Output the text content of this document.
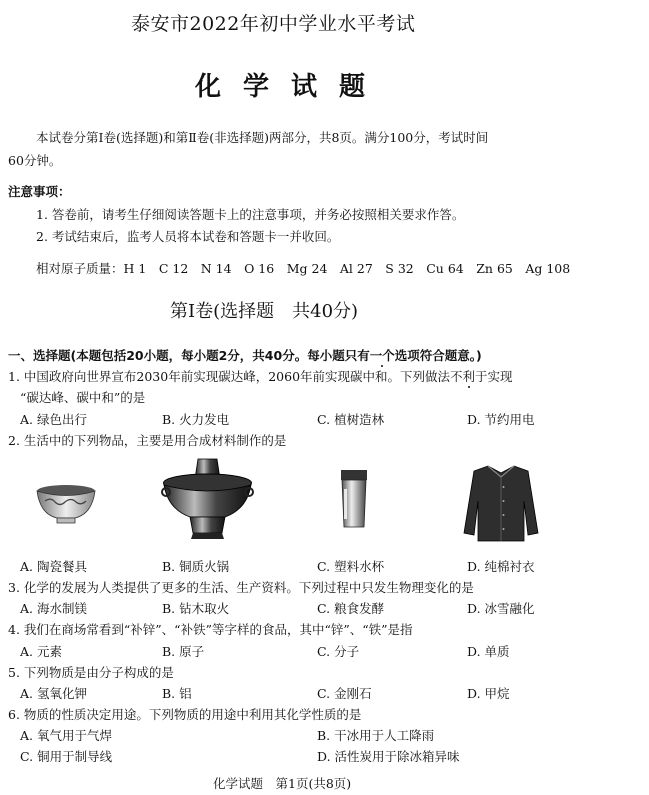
泰安市2022年初中学业水平考试
化学试题
本试卷分第Ⅰ卷(选择题)和第Ⅱ卷(非选择题)两部分，共8页。满分100分，考试时间
60分钟。
注意事项：
1. 答卷前，请考生仔细阅读答题卡上的注意事项，并务必按照相关要求作答。
2. 考试结束后，监考人员将本试卷和答题卡一并收回。
相对原子质量：H 1　C 12　N 14　O 16　Mg 24　Al 27　S 32　Cu 64　Zn 65　Ag 108
第Ⅰ卷(选择题　共40分)
一、选择题(本题包括20小题，每小题2分，共40分。每小题只有一个选项符合题意。)
1. 中国政府向世界宣布2030年前实现碳达峰，2060年前实现碳中和。下列做法不利于实现
“碳达峰、碳中和”的是
A. 绿色出行	B. 火力发电	C. 植树造林	D. 节约用电
2. 生活中的下列物品，主要是用合成材料制作的是
A. 陶瓷餐具	B. 铜质火锅	C. 塑料水杯	D. 纯棉衬衣
3. 化学的发展为人类提供了更多的生活、生产资料。下列过程中只发生物理变化的是
A. 海水制镁	B. 钻木取火	C. 粮食发酵	D. 冰雪融化
4. 我们在商场常看到“补锌”、“补铁”等字样的食品，其中“锌”、“铁”是指
A. 元素	B. 原子	C. 分子	D. 单质
5. 下列物质是由分子构成的是
A. 氢氧化钾	B. 铝	C. 金刚石	D. 甲烷
6. 物质的性质决定用途。下列物质的用途中利用其化学性质的是
A. 氧气用于气焊	B. 干冰用于人工降雨
C. 铜用于制导线	D. 活性炭用于除冰箱异味
化学试题　第1页(共8页)
